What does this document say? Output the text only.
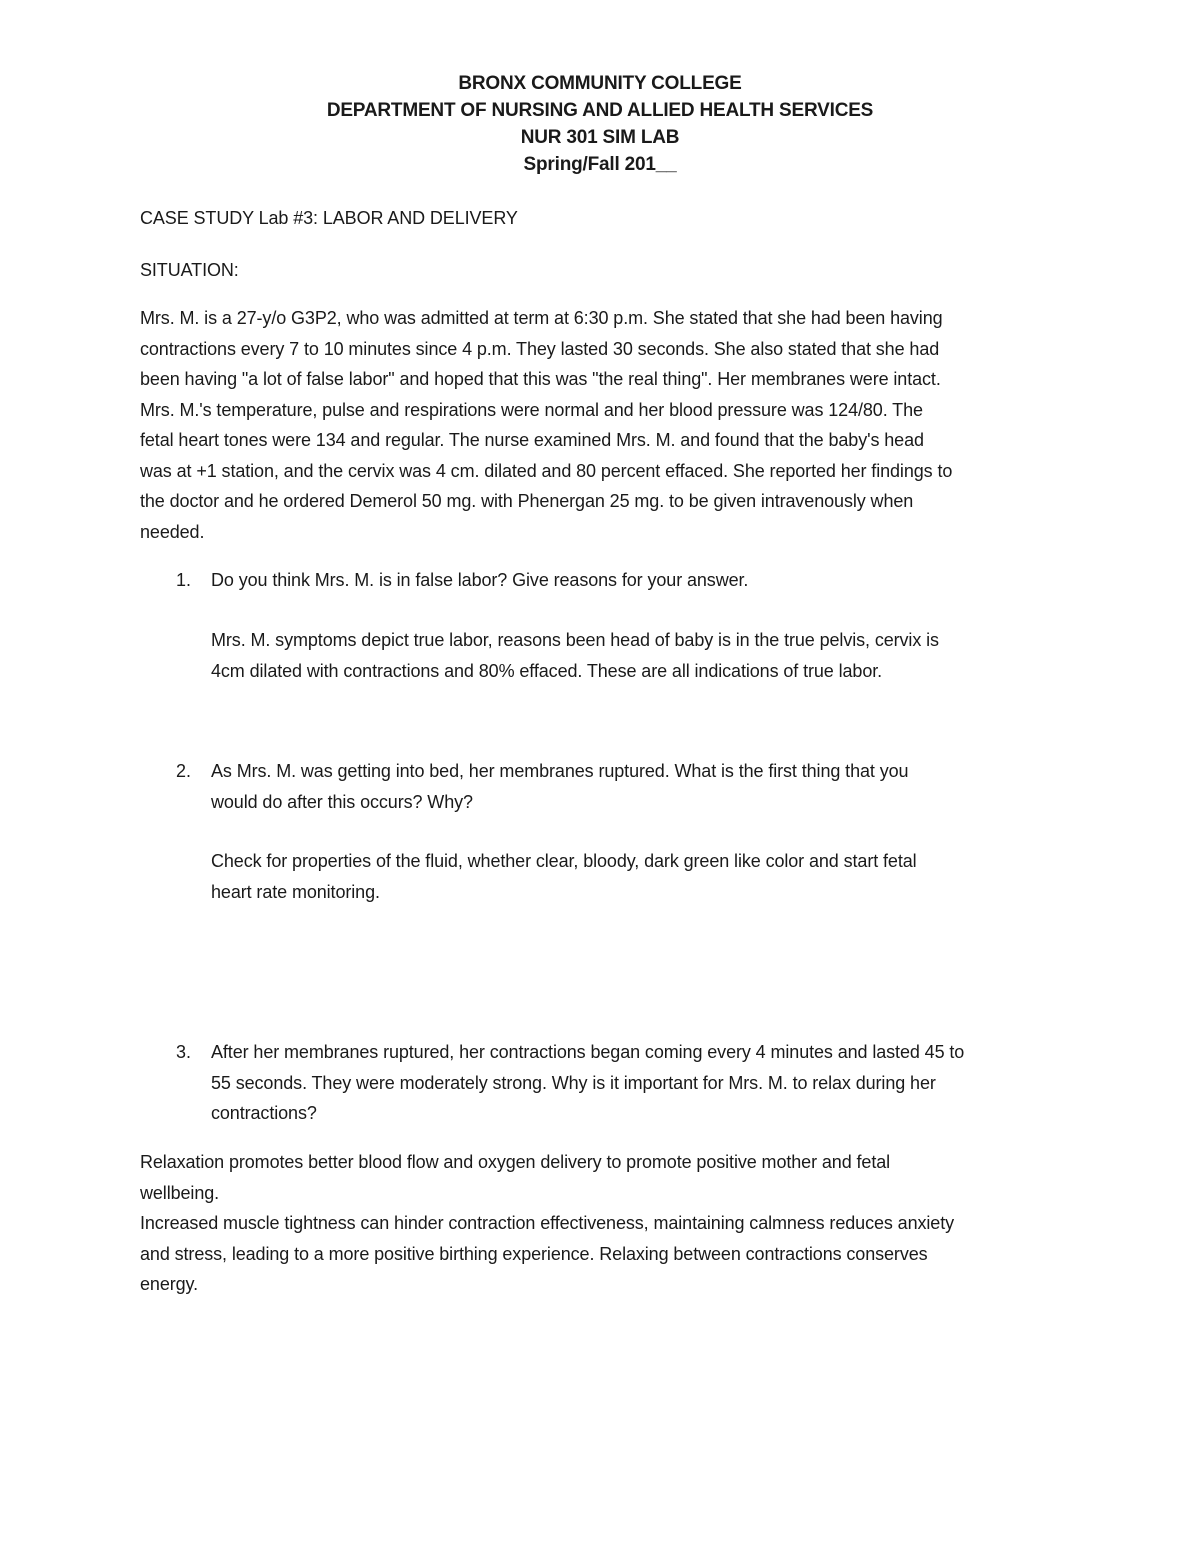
BRONX COMMUNITY COLLEGE
DEPARTMENT OF NURSING AND ALLIED HEALTH SERVICES
NUR 301 SIM LAB
Spring/Fall 201__
CASE STUDY Lab #3: LABOR AND DELIVERY
SITUATION:
Mrs. M. is a 27-y/o G3P2, who was admitted at term at 6:30 p.m. She stated that she had been having
contractions every 7 to 10 minutes since 4 p.m. They lasted 30 seconds. She also stated that she had
been having "a lot of false labor" and hoped that this was "the real thing". Her membranes were intact.
Mrs. M.'s temperature, pulse and respirations were normal and her blood pressure was 124/80. The
fetal heart tones were 134 and regular. The nurse examined Mrs. M. and found that the baby's head
was at +1 station, and the cervix was 4 cm. dilated and 80 percent effaced. She reported her findings to
the doctor and he ordered Demerol 50 mg. with Phenergan 25 mg. to be given intravenously when
needed.
1. Do you think Mrs. M. is in false labor? Give reasons for your answer.
Mrs. M. symptoms depict true labor, reasons been head of baby is in the true pelvis, cervix is
4cm dilated with contractions and 80% effaced. These are all indications of true labor.
2. As Mrs. M. was getting into bed, her membranes ruptured. What is the first thing that you
would do after this occurs? Why?
Check for properties of the fluid, whether clear, bloody, dark green like color and start fetal
heart rate monitoring.
3. After her membranes ruptured, her contractions began coming every 4 minutes and lasted 45 to
55 seconds. They were moderately strong. Why is it important for Mrs. M. to relax during her
contractions?
Relaxation promotes better blood flow and oxygen delivery to promote positive mother and fetal
wellbeing.
Increased muscle tightness can hinder contraction effectiveness, maintaining calmness reduces anxiety
and stress, leading to a more positive birthing experience. Relaxing between contractions conserves
energy.
